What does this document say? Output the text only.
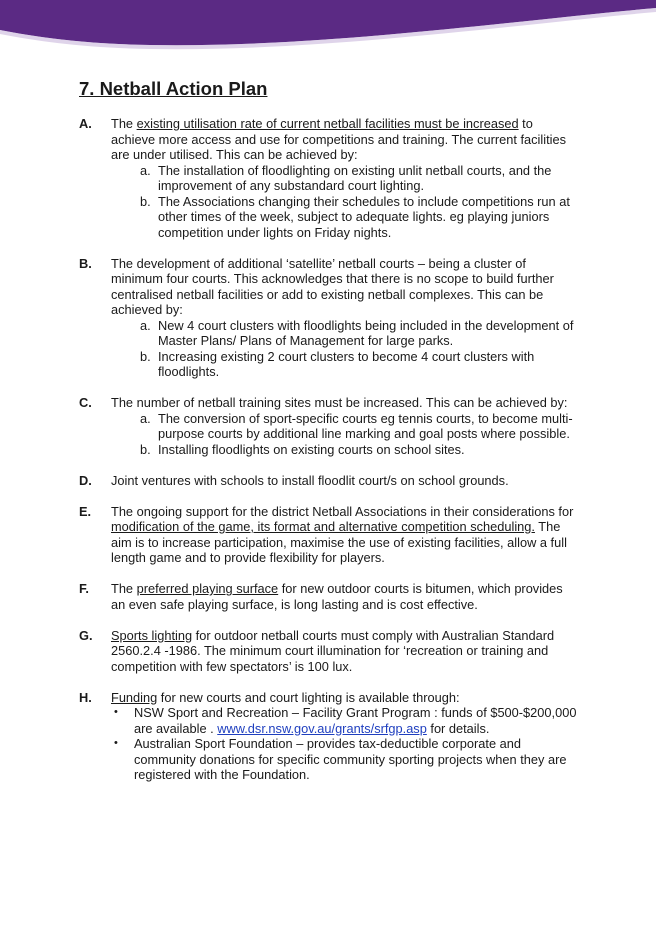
7. Netball Action Plan
A. The existing utilisation rate of current netball facilities must be increased to achieve more access and use for competitions and training. The current facilities are under utilised. This can be achieved by:
a. The installation of floodlighting on existing unlit netball courts, and the improvement of any substandard court lighting.
b. The Associations changing their schedules to include competitions run at other times of the week, subject to adequate lights. eg playing juniors competition under lights on Friday nights.
B. The development of additional ‘satellite’ netball courts – being a cluster of minimum four courts. This acknowledges that there is no scope to build further centralised netball facilities or add to existing netball complexes. This can be achieved by:
a. New 4 court clusters with floodlights being included in the development of Master Plans/ Plans of Management for large parks.
b. Increasing existing 2 court clusters to become 4 court clusters with floodlights.
C. The number of netball training sites must be increased. This can be achieved by:
a. The conversion of sport-specific courts eg tennis courts, to become multi-purpose courts by additional line marking and goal posts where possible.
b. Installing floodlights on existing courts on school sites.
D. Joint ventures with schools to install floodlit court/s on school grounds.
E. The ongoing support for the district Netball Associations in their considerations for modification of the game, its format and alternative competition scheduling. The aim is to increase participation, maximise the use of existing facilities, allow a full length game and to provide flexibility for players.
F. The preferred playing surface for new outdoor courts is bitumen, which provides an even safe playing surface, is long lasting and is cost effective.
G. Sports lighting for outdoor netball courts must comply with Australian Standard 2560.2.4 -1986. The minimum court illumination for ‘recreation or training and competition with few spectators’ is 100 lux.
H. Funding for new courts and court lighting is available through:
• NSW Sport and Recreation – Facility Grant Program : funds of $500-$200,000 are available . www.dsr.nsw.gov.au/grants/srfgp.asp for details.
• Australian Sport Foundation – provides tax-deductible corporate and community donations for specific community sporting projects when they are registered with the Foundation.
